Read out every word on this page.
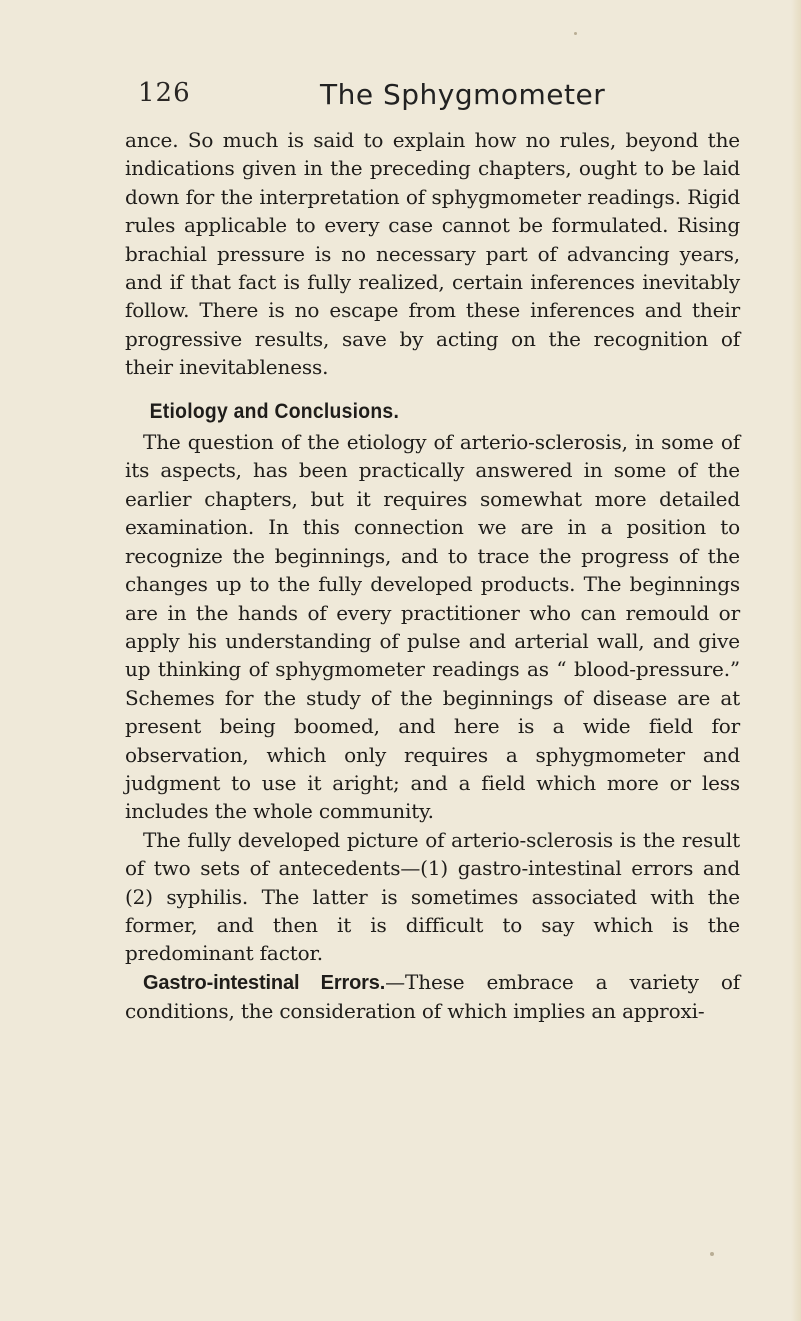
126	The Sphygmometer

ance. So much is said to explain how no rules, beyond the indications given in the preceding chapters, ought to be laid down for the interpretation of sphygmometer readings. Rigid rules applicable to every case cannot be formulated. Rising brachial pressure is no necessary part of advancing years, and if that fact is fully realized, certain inferences inevitably follow. There is no escape from these inferences and their progressive results, save by acting on the recognition of their inevitableness.

Etiology and Conclusions.

The question of the etiology of arterio-sclerosis, in some of its aspects, has been practically answered in some of the earlier chapters, but it requires somewhat more detailed examination. In this connection we are in a position to recognize the beginnings, and to trace the progress of the changes up to the fully developed products. The beginnings are in the hands of every practitioner who can remould or apply his understanding of pulse and arterial wall, and give up thinking of sphygmometer readings as “ blood-pressure.” Schemes for the study of the beginnings of disease are at present being boomed, and here is a wide field for observation, which only requires a sphygmometer and judgment to use it aright; and a field which more or less includes the whole community.

The fully developed picture of arterio-sclerosis is the result of two sets of antecedents—(1) gastro-intestinal errors and (2) syphilis. The latter is sometimes associated with the former, and then it is difficult to say which is the predominant factor.

Gastro-intestinal Errors.—These embrace a variety of conditions, the consideration of which implies an approxi-
